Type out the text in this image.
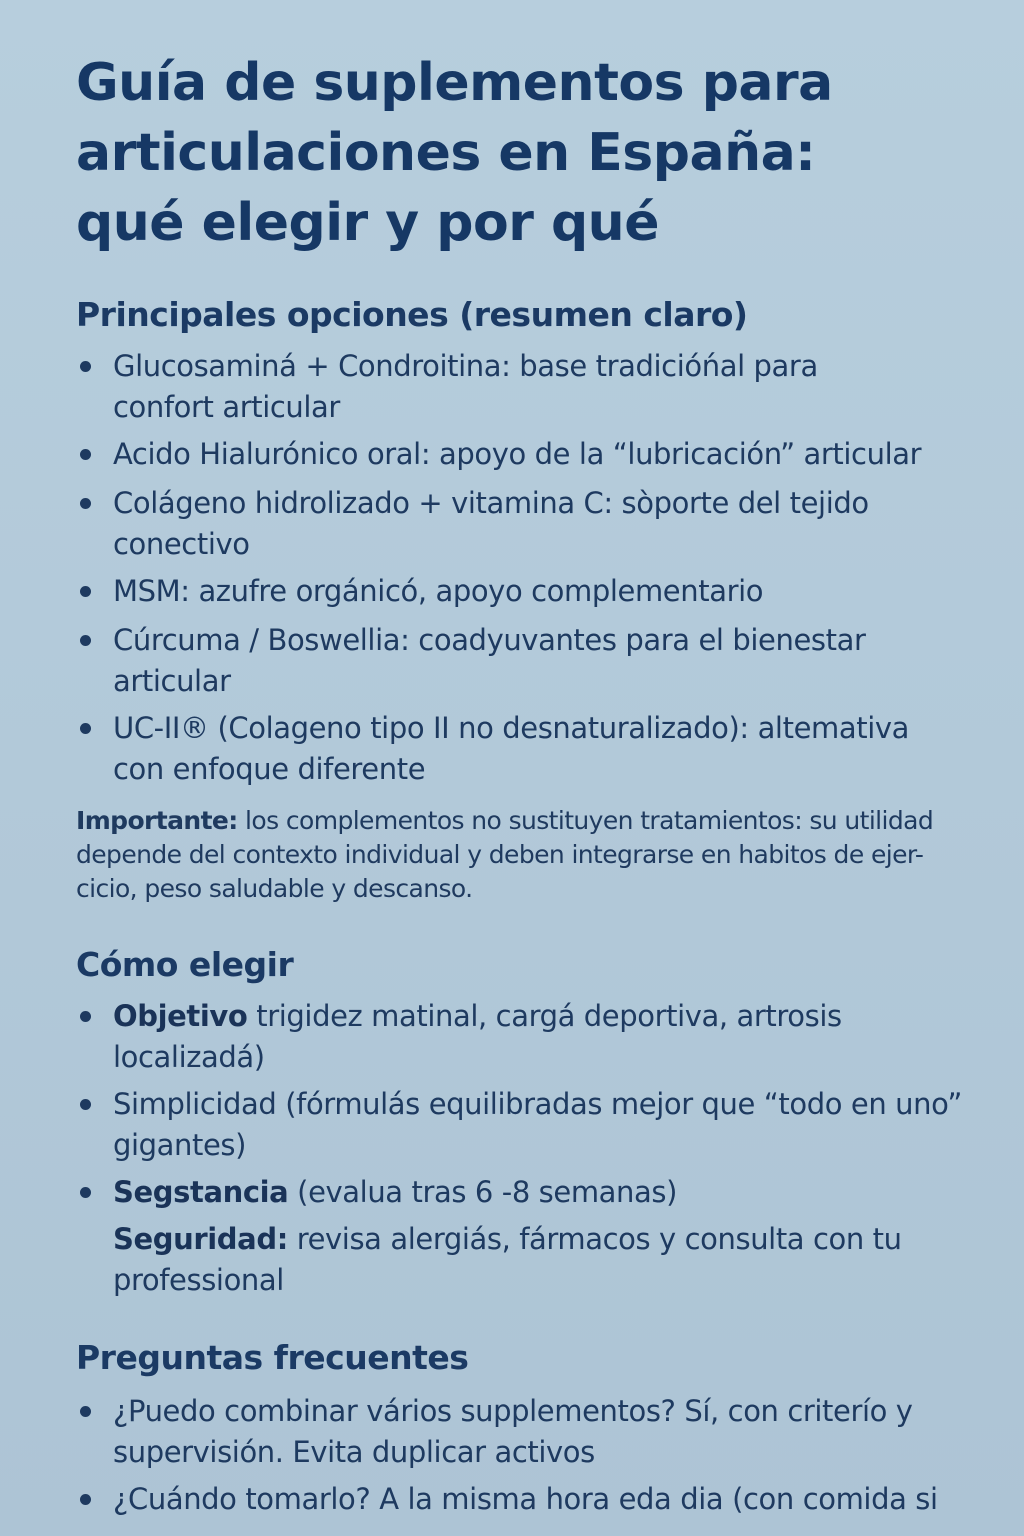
Guía de suplementos para
articulaciones en España:
qué elegir y por qué
Principales opciones (resumen claro)
Glucosaminá + Condroitina: base tradicióńal para
confort articular
Acido Hialurónico oral: apoyo de la “lubricación” articular
Colágeno hidrolizado + vitamina C: sо̀porte del tejido
conectivo
MSM: azufre orgánicó, apoyo complementario
Cúrcuma / Boswellia: coadyuvantes para el bienestar
articular
UC-II® (Colageno tipo II no desnaturalizado): altemativa
con enfoque diferente

Importante: los complementos no sustituyen tratamientos: su utilidad
depende del contexto individual y deben integrarse en habitos de ejer-
cicio, peso saludable y descanso.

Cómo elegir
Objetivo trigidez matinal, cargá deportiva, artrosis
localizadá)
Simplicidad (fórmulás equilibradas mejor que “todo en uno”
gigantes)
Segstancia (evalua tras 6 -8 semanas)
Seguridad: revisa alergiás, fármacos y consulta con tu
professional
Preguntas frecuentes
¿Puedo combinar várioѕ supplementos? Sí, con criterío y
supervisión. Evita duplicar activos
¿Cuándo tomarlo? A la misma hora eda dia (con comida si
